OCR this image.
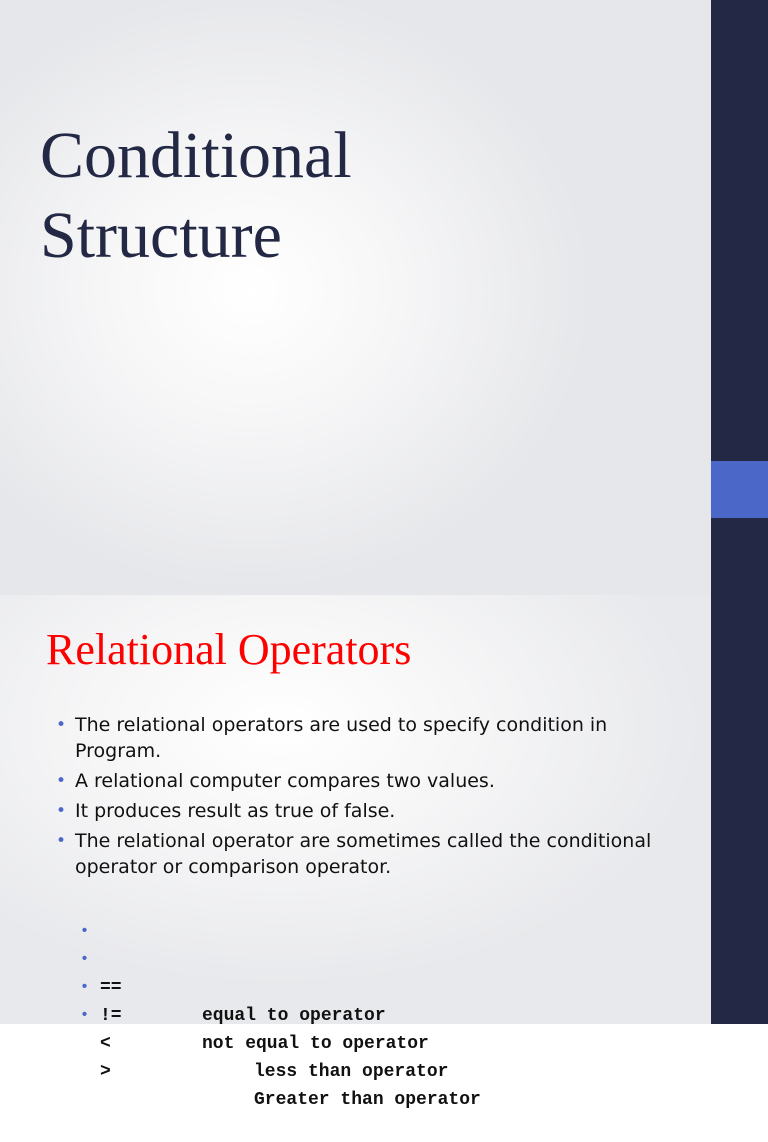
Conditional
Structure
Relational Operators
• The relational operators are used to specify condition in Program.
• A relational computer compares two values.
• It produces result as true of false.
• The relational operator are sometimes called the conditional operator or comparison operator.

•

==

equal to operator

•

!=

not equal to operator

•

<

less than operator

•

>

Greater than operator
